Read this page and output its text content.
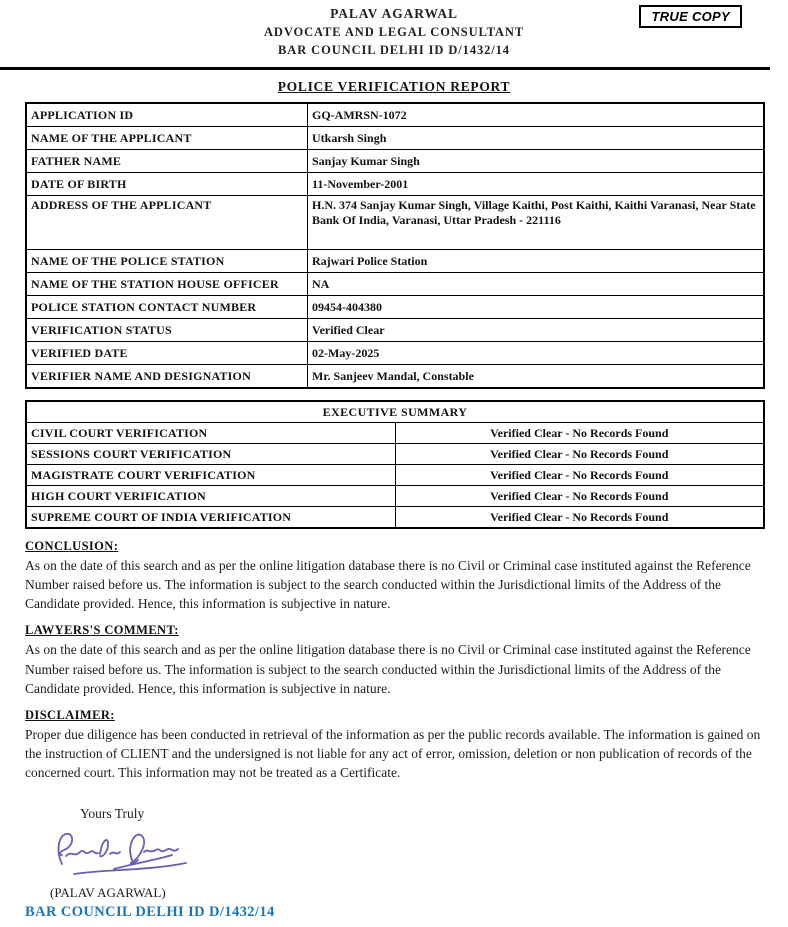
TRUE COPY
PALAV AGARWAL
ADVOCATE AND LEGAL CONSULTANT
BAR COUNCIL DELHI ID D/1432/14
POLICE VERIFICATION REPORT
APPLICATION ID	GQ-AMRSN-1072
NAME OF THE APPLICANT	Utkarsh Singh
FATHER NAME	Sanjay Kumar Singh
DATE OF BIRTH	11-November-2001
ADDRESS OF THE APPLICANT	H.N. 374 Sanjay Kumar Singh, Village Kaithi, Post Kaithi, Kaithi Varanasi, Near State Bank Of India, Varanasi, Uttar Pradesh - 221116
NAME OF THE POLICE STATION	Rajwari Police Station
NAME OF THE STATION HOUSE OFFICER	NA
POLICE STATION CONTACT NUMBER	09454-404380
VERIFICATION STATUS	Verified Clear
VERIFIED DATE	02-May-2025
VERIFIER NAME AND DESIGNATION	Mr. Sanjeev Mandal, Constable
EXECUTIVE SUMMARY	
CIVIL COURT VERIFICATION	Verified Clear - No Records Found
SESSIONS COURT VERIFICATION	Verified Clear - No Records Found
MAGISTRATE COURT VERIFICATION	Verified Clear - No Records Found
HIGH COURT VERIFICATION	Verified Clear - No Records Found
SUPREME COURT OF INDIA VERIFICATION	Verified Clear - No Records Found
CONCLUSION:
As on the date of this search and as per the online litigation database there is no Civil or Criminal case instituted against the Reference Number raised before us. The information is subject to the search conducted within the Jurisdictional limits of the Address of the Candidate provided. Hence, this information is subjective in nature.
LAWYERS'S COMMENT:
As on the date of this search and as per the online litigation database there is no Civil or Criminal case instituted against the Reference Number raised before us. The information is subject to the search conducted within the Jurisdictional limits of the Address of the Candidate provided. Hence, this information is subjective in nature.
DISCLAIMER:
Proper due diligence has been conducted in retrieval of the information as per the public records available. The information is gained on the instruction of CLIENT and the undersigned is not liable for any act of error, omission, deletion or non publication of records of the concerned court. This information may not be treated as a Certificate.
Yours Truly
(PALAV AGARWAL)
BAR COUNCIL DELHI ID D/1432/14
